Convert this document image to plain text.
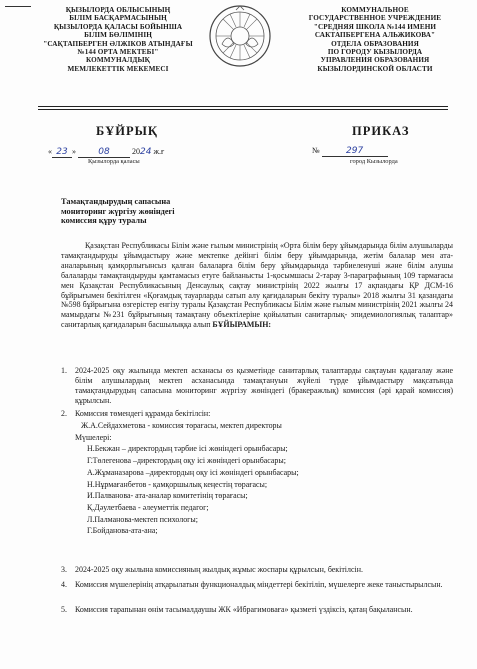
ҚЫЗЫЛОРДА ОБЛЫСЫНЫҢ
БІЛІМ БАСҚАРМАСЫНЫҢ
ҚЫЗЫЛОРДА ҚАЛАСЫ БОЙЫНША
БІЛІМ БӨЛІМІНІҢ
"САҚТАПБЕРГЕН ӘЛЖІКОВ АТЫНДАҒЫ
№144 ОРТА МЕКТЕБІ"
КОММУНАЛДЫҚ
МЕМЛЕКЕТТІК МЕКЕМЕСІ
КОММУНАЛЬНОЕ
ГОСУДАРСТВЕННОЕ УЧРЕЖДЕНИЕ
"СРЕДНЯЯ ШКОЛА №144 ИМЕНИ
САКТАПБЕРГЕНА АЛЬЖИКОВА"
ОТДЕЛА ОБРАЗОВАНИЯ
ПО ГОРОДУ КЫЗЫЛОРДА
УПРАВЛЕНИЯ ОБРАЗОВАНИЯ
КЫЗЫЛОРДИНСКОЙ ОБЛАСТИ
БҰЙРЫҚ	ПРИКАЗ
« 23 » 08	2024 ж.ғ
Қызылорда қаласы
№	297
город Кызылорда
Тамақтандырудың сапасына
мониторинг жүргізу жөніндегі
комиссия құру туралы
Қазақстан Республикасы Білім және ғылым министрінің «Орта білім беру ұйымдарында білім алушыларды тамақтандыруды ұйымдастыру және мектепке дейінгі білім беру ұйымдарында, жетім балалар мен ата-аналарының қамқорлығынсыз қалған балаларға білім беру ұйымдарында тәрбиеленуші және білім алушы балаларды тамақтандыруды қамтамасыз етуге байланысты 1-қосымшасы 2-тарау 3-параграфының 109 тармағасы мен Қазақстан Республикасының Денсаулық сақтау министрінің 2022 жылғы 17 ақпандағы ҚР ДСМ-16 бұйрығымен бекітілген «Қоғамдық тауарларды сатып алу қағидаларын бекіту туралы» 2018 жылғы 31 қазандағы №598 бұйрығына өзгерістер енгізу туралы Қазақстан Республикасы Білім және ғылым министрінің 2021 жылғы 24 мамырдағы №231 бұйрығының тамақтану объектілеріне қойылатын санитарлық- эпидемиологиялық талаптар» санитарлық қағидаларын басшылыққа алып БҰЙЫРАМЫН:
1. 2024-2025 оқу жылында мектеп асханасы өз қызметінде санитарлық талаптарды сақтауын қадағалау және білім алушылардың мектеп асханасында тамақтануын жүйелі түрде ұйымдастыру мақсатында тамақтандырудың сапасына мониторинг жүргізу жөніндегі (бракеражлық) комиссия (әрі қарай комиссия) құрылсын.
2. Комиссия төмендегі құрамда бекітілсін:
Ж.А.Сейдахметова - комиссия төрағасы, мектеп директоры
Мүшелері:
Н.Бекжан – директордың тәрбие ісі жөніндегі орынбасары;
Г.Төлегенова –директордың оқу ісі жөніндегі орынбасары;
А.Жұманазарова –директордың оқу ісі жөніндегі орынбасары;
Н.Нұрмағанбетов - қамқоршылық кеңестің төрағасы;
И.Палванова- ата-аналар комитетінің төрағасы;
Қ.Дәулетбаева - әлеуметтік педагог;
Л.Палманова-мектеп психологы;
Г.Бойданова-ата-ана;
3. 2024-2025 оқу жылына комиссияның жылдық жұмыс жоспары құрылсын, бекітілсін.
4. Комиссия мүшелерінің атқарылатын функционалдық міндеттері бекітіліп, мүшелерге жеке таныстырылсын.
5. Комиссия тарапынан өнім тасымалдаушы ЖК «Ибрагимоваға» қызметі үздіксіз, қатаң бақылансын.
